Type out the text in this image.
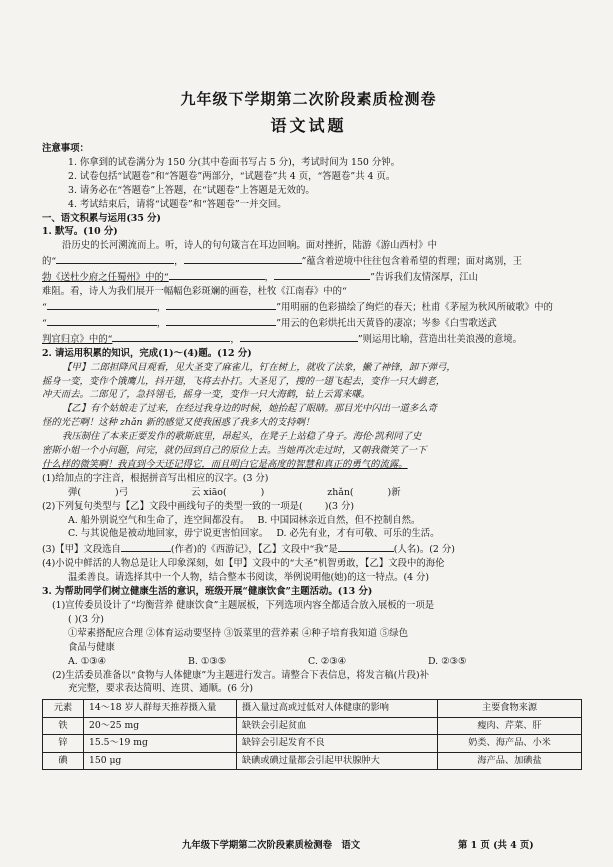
九年级下学期第二次阶段素质检测卷
语文试题

注意事项：

1. 你拿到的试卷满分为 150 分(其中卷面书写占 5 分)，考试时间为 150 分钟。

2. 试卷包括“试题卷”和“答题卷”两部分，“试题卷”共 4 页，“答题卷”共 4 页。

3. 请务必在“答题卷”上答题，在“试题卷”上答题是无效的。

4. 考试结束后，请将“试题卷”和“答题卷”一并交回。

一、语文积累与运用(35 分)

1. 默写。(10 分)

沿历史的长河溯流而上。听，诗人的句句箴言在耳边回响。面对挫折，陆游《游山西村》中

的“	，	”蕴含着逆境中往往包含着希望的哲理；面对离别，王

勃《送杜少府之任蜀州》中的“	，	”告诉我们友情深厚，江山

难阻。看，诗人为我们展开一幅幅色彩斑斓的画卷，杜牧《江南春》中的“

“	，	”用明丽的色彩描绘了绚烂的春天；杜甫《茅屋为秋风所破歌》中的

“	，	”用云的色彩烘托出天黄昏的凄凉；岑参《白雪歌送武

判官归京》中的“	，	”则运用比喻，营造出壮美浪漫的意境。

2. 请运用积累的知识，完成(1)～(4)题。(12 分)

【甲】二郎担降风目观看，见大圣变了麻雀儿，钉在树上，就收了法象，撇了神锋，卸下弹弓，

摇身一变，变作个饿鹰儿，抖开翅，飞将去扑打。大圣见了，搜的一翅飞起去，变作一只大鹚老，

冲天而去。二郎见了，急抖翎毛，摇身一变，变作一只大海鹤，钻上云霄来嗛。

【乙】有个姑娘走了过来，在经过我身边的时候，她抬起了眼睛。那目光中闪出一道多么奇

怪的光芒啊！这种 zhǎn 新的感觉又使我困惑了我多大的支持啊！

我压制住了本来正要发作的歌斯底里，昂起头，在凳子上站稳了身子。海伦·凯利同了史

密斯小姐一个小问题，问完，就仍回到自己的原位上去。当她再次走过时，又朝我微笑了一下

什么样的微笑啊！我直到今天还记得它，而且明白它是高度的智慧和真正的勇气的流露。

(1)给加点的字注音，根据拼音写出相应的汉字。(3 分)

弹(	)弓	云 xiāo(	)	zhǎn(	)新

(2)下列复句类型与【乙】文段中画线句子的类型一致的一项是( )(3 分)

A. 船外别说空气和生命了，连空间都没有。 B. 中国园林亲近自然，但不控制自然。

C. 与其说他是被动地回家，毋宁说更害怕回家。 D. 必先有业，才有可敬、可乐的生活。

(3)【甲】文段选自	(作者)的《西游记》，【乙】文段中“我”是	(人名)。(2 分)

(4)小说中鲜活的人物总是让人印象深刻，如【甲】文段中的“大圣”机智勇敢，【乙】文段中的海伦

温柔善良。请选择其中一个人物，结合整本书阅读，举例说明他(她)的这一特点。(4 分)

3. 为帮助同学们树立健康生活的意识，班级开展“健康饮食”主题活动。(13 分)

(1)宣传委员设计了“均衡营养 健康饮食”主题展板，下列选项内容全都适合放入展板的一项是

( )(3 分)

①荤素搭配应合理 ②体育运动要坚持 ③饭菜里的营养素 ④种子培育我知道 ⑤绿色

食品与健康

A. ①③④	B. ①③⑤	C. ②③④	D. ②③⑤

(2)生活委员准备以“食物与人体健康”为主题进行发言。请整合下表信息，将发言稿(片段)补

充完整，要求表达简明、连贯、通顺。(6 分)

元素	14～18 岁人群每天推荐摄入量	摄入量过高或过低对人体健康的影响	主要食物来源
铁	20～25 mg	缺铁会引起贫血	瘦肉、芹菜、肝
锌	15.5～19 mg	缺锌会引起发育不良	奶类、海产品、小米
碘	150 μg	缺碘或碘过量都会引起甲状腺肿大	海产品、加碘盐
九年级下学期第二次阶段素质检测卷　语文	第 1 页 (共 4 页)
